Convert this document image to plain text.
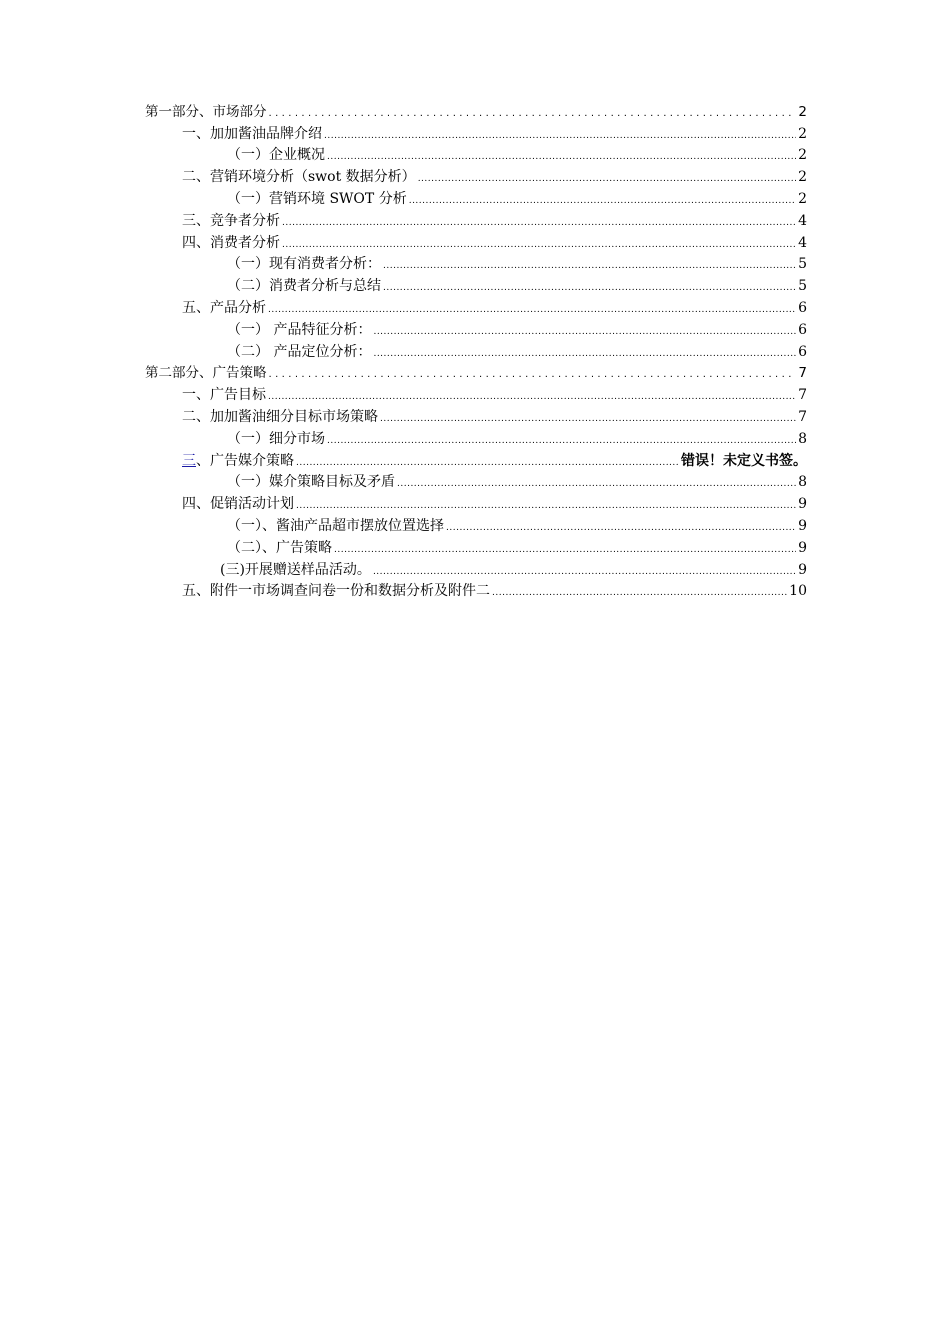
第一部分、市场部分 .....	2
一、加加酱油品牌介绍 .....	2
（一）企业概况 .....	2
二、营销环境分析（swot 数据分析） .....	2
（一）营销环境 SWOT 分析 .....	2
三、竞争者分析 .....	4
四、消费者分析 .....	4
（一）现有消费者分析： .....	5
（二）消费者分析与总结 .....	5
五、产品分析 .....	6
（一） 产品特征分析： .....	6
（二） 产品定位分析： .....	6
第二部分、广告策略 .....	7
一、广告目标 .....	7
二、加加酱油细分目标市场策略 .....	7
（一）细分市场 .....	8
三、广告媒介策略 .....	错误！未定义书签。
（一）媒介策略目标及矛盾 .....	8
四、促销活动计划 .....	9
（一）、酱油产品超市摆放位置选择 .....	9
（二）、广告策略 .....	9
(三)开展赠送样品活动。 .....	9
五、附件一市场调查问卷一份和数据分析及附件二 .....	10
